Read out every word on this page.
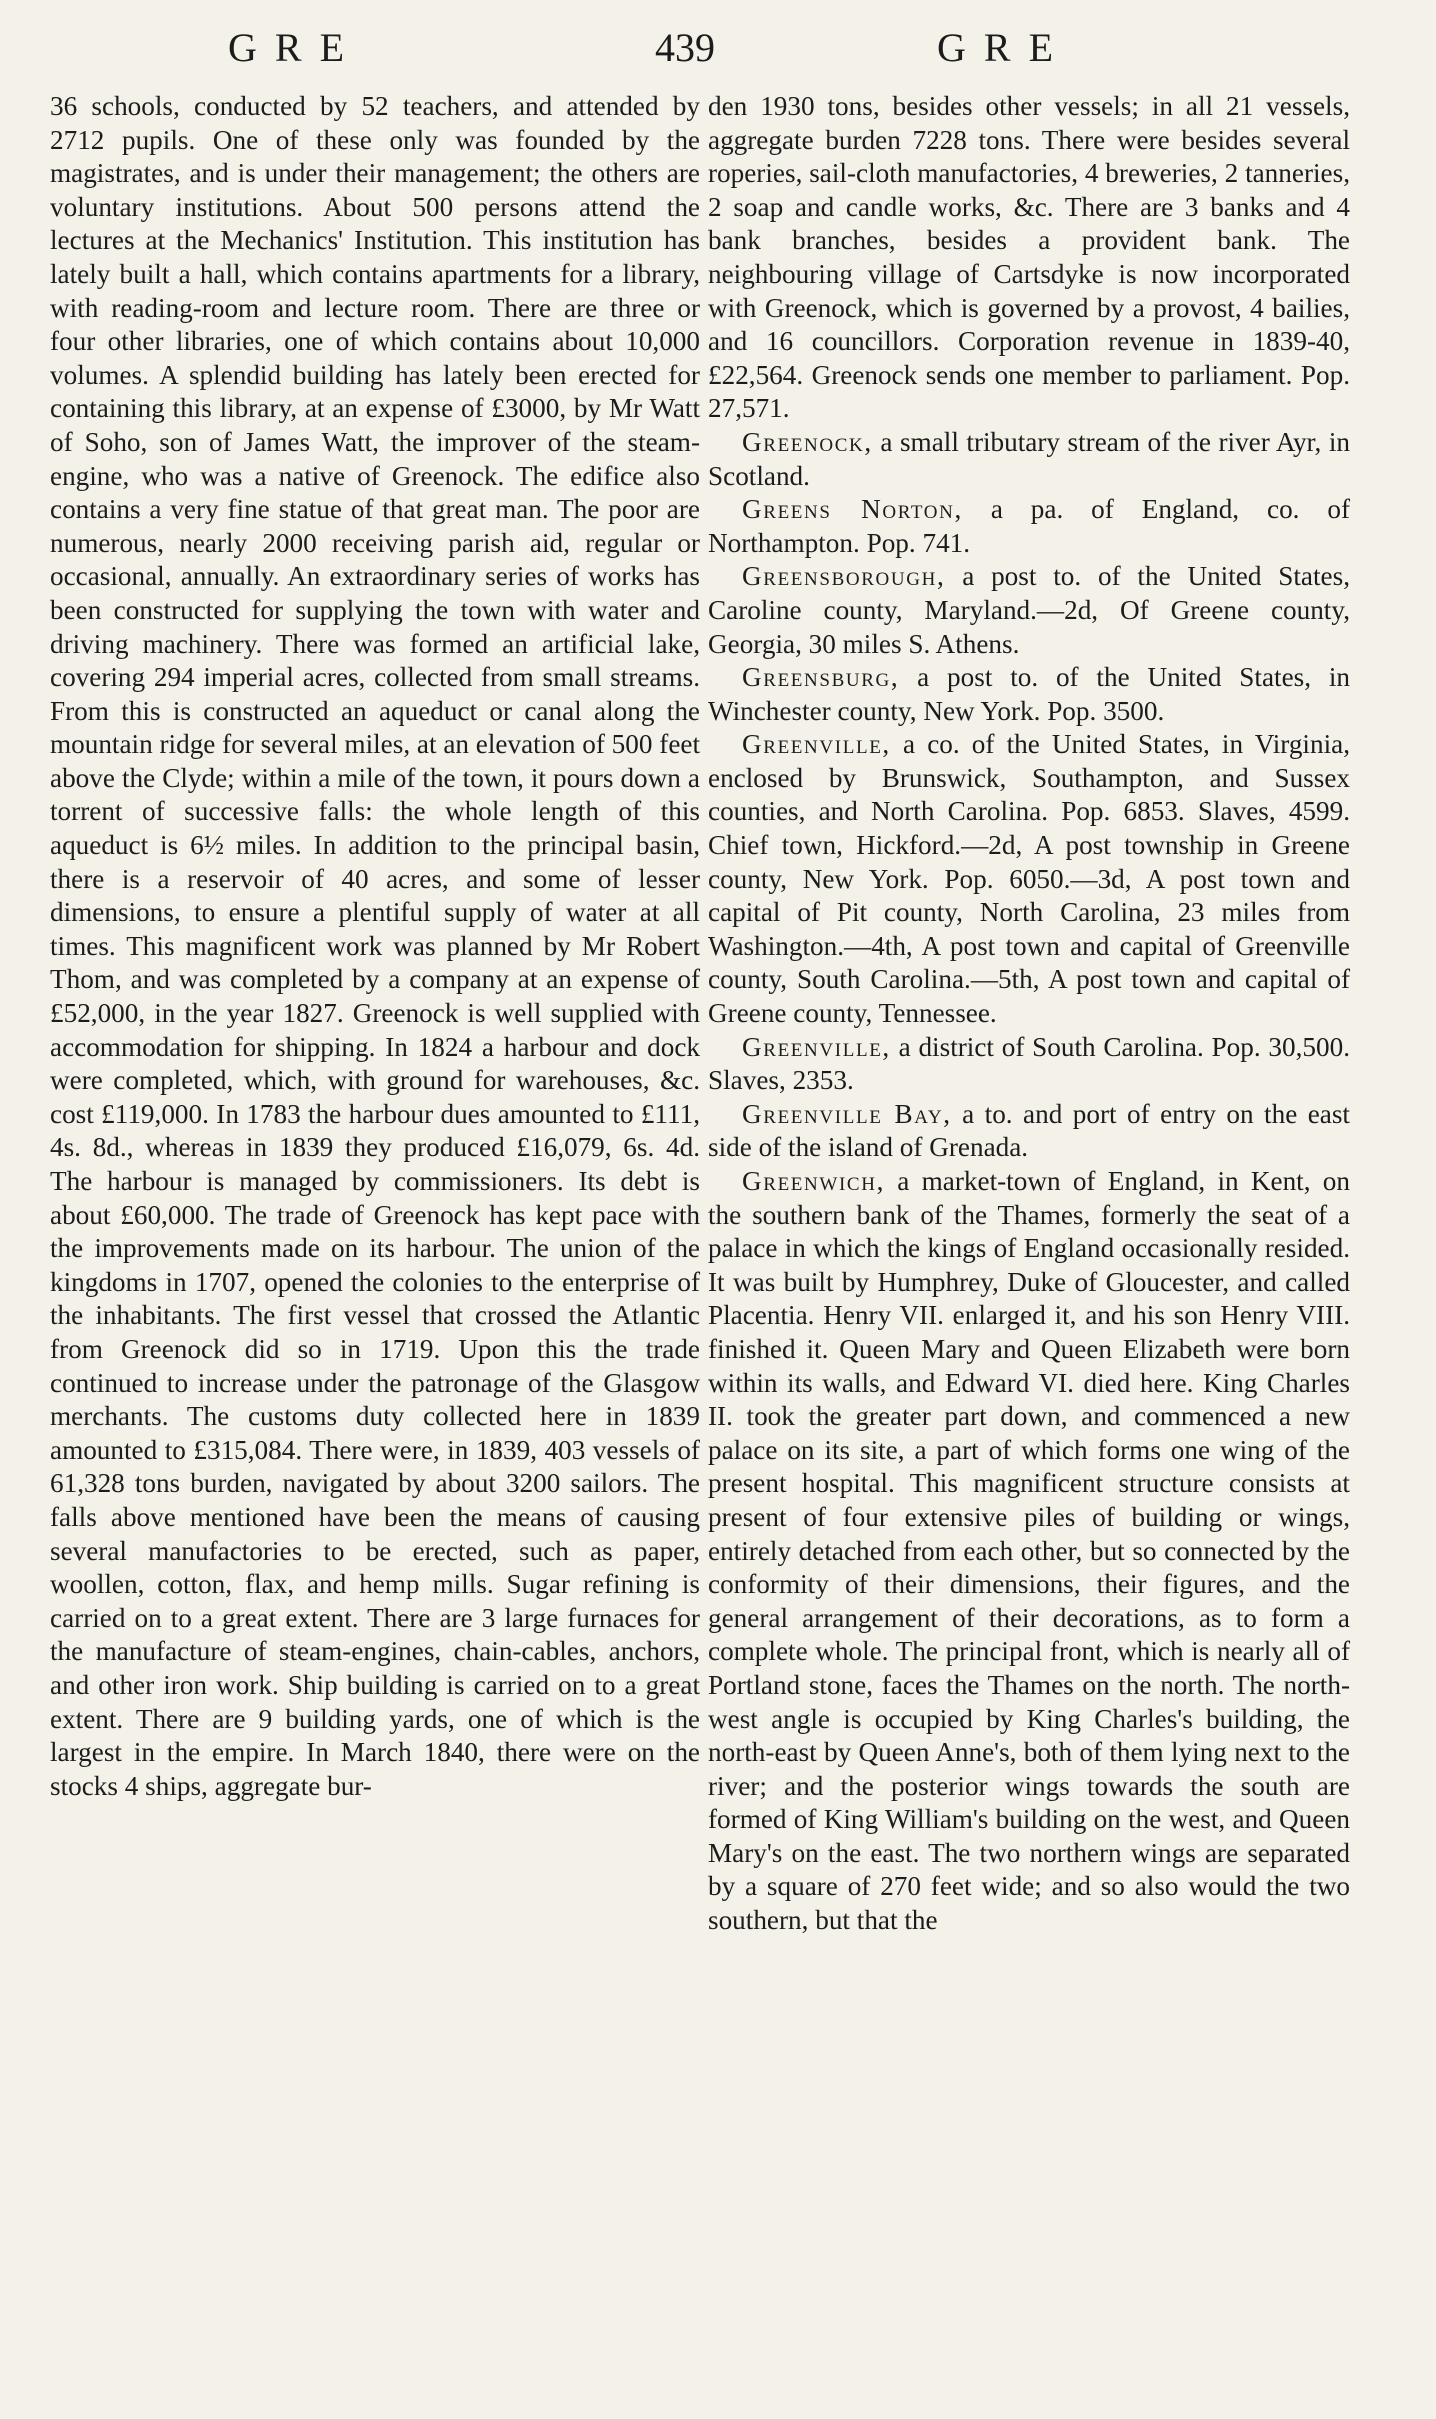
GRE	439	GRE

36 schools, conducted by 52 teachers, and attended by 2712 pupils. One of these only was founded by the magistrates, and is under their management; the others are voluntary institutions. About 500 persons attend the lectures at the Mechanics' Institution. This institution has lately built a hall, which contains apartments for a library, with reading-room and lecture room. There are three or four other libraries, one of which contains about 10,000 volumes. A splendid building has lately been erected for containing this library, at an expense of £3000, by Mr Watt of Soho, son of James Watt, the improver of the steam-engine, who was a native of Greenock. The edifice also contains a very fine statue of that great man. The poor are numerous, nearly 2000 receiving parish aid, regular or occasional, annually. An extraordinary series of works has been constructed for supplying the town with water and driving machinery. There was formed an artificial lake, covering 294 imperial acres, collected from small streams. From this is constructed an aqueduct or canal along the mountain ridge for several miles, at an elevation of 500 feet above the Clyde; within a mile of the town, it pours down a torrent of successive falls: the whole length of this aqueduct is 6½ miles. In addition to the principal basin, there is a reservoir of 40 acres, and some of lesser dimensions, to ensure a plentiful supply of water at all times. This magnificent work was planned by Mr Robert Thom, and was completed by a company at an expense of £52,000, in the year 1827. Greenock is well supplied with accommodation for shipping. In 1824 a harbour and dock were completed, which, with ground for warehouses, &c. cost £119,000. In 1783 the harbour dues amounted to £111, 4s. 8d., whereas in 1839 they produced £16,079, 6s. 4d. The harbour is managed by commissioners. Its debt is about £60,000. The trade of Greenock has kept pace with the improvements made on its harbour. The union of the kingdoms in 1707, opened the colonies to the enterprise of the inhabitants. The first vessel that crossed the Atlantic from Greenock did so in 1719. Upon this the trade continued to increase under the patronage of the Glasgow merchants. The customs duty collected here in 1839 amounted to £315,084. There were, in 1839, 403 vessels of 61,328 tons burden, navigated by about 3200 sailors. The falls above mentioned have been the means of causing several manufactories to be erected, such as paper, woollen, cotton, flax, and hemp mills. Sugar refining is carried on to a great extent. There are 3 large furnaces for the manufacture of steam-engines, chain-cables, anchors, and other iron work. Ship building is carried on to a great extent. There are 9 building yards, one of which is the largest in the empire. In March 1840, there were on the stocks 4 ships, aggregate bur-

den 1930 tons, besides other vessels; in all 21 vessels, aggregate burden 7228 tons. There were besides several roperies, sail-cloth manufactories, 4 breweries, 2 tanneries, 2 soap and candle works, &c. There are 3 banks and 4 bank branches, besides a provident bank. The neighbouring village of Cartsdyke is now incorporated with Greenock, which is governed by a provost, 4 bailies, and 16 councillors. Corporation revenue in 1839-40, £22,564. Greenock sends one member to parliament. Pop. 27,571.

Greenock, a small tributary stream of the river Ayr, in Scotland.

Greens Norton, a pa. of England, co. of Northampton. Pop. 741.

Greensborough, a post to. of the United States, Caroline county, Maryland.—2d, Of Greene county, Georgia, 30 miles S. Athens.

Greensburg, a post to. of the United States, in Winchester county, New York. Pop. 3500.

Greenville, a co. of the United States, in Virginia, enclosed by Brunswick, Southampton, and Sussex counties, and North Carolina. Pop. 6853. Slaves, 4599. Chief town, Hickford.—2d, A post township in Greene county, New York. Pop. 6050.—3d, A post town and capital of Pit county, North Carolina, 23 miles from Washington.—4th, A post town and capital of Greenville county, South Carolina.—5th, A post town and capital of Greene county, Tennessee.

Greenville, a district of South Carolina. Pop. 30,500. Slaves, 2353.

Greenville Bay, a to. and port of entry on the east side of the island of Grenada.

Greenwich, a market-town of England, in Kent, on the southern bank of the Thames, formerly the seat of a palace in which the kings of England occasionally resided. It was built by Humphrey, Duke of Gloucester, and called Placentia. Henry VII. enlarged it, and his son Henry VIII. finished it. Queen Mary and Queen Elizabeth were born within its walls, and Edward VI. died here. King Charles II. took the greater part down, and commenced a new palace on its site, a part of which forms one wing of the present hospital. This magnificent structure consists at present of four extensive piles of building or wings, entirely detached from each other, but so connected by the conformity of their dimensions, their figures, and the general arrangement of their decorations, as to form a complete whole. The principal front, which is nearly all of Portland stone, faces the Thames on the north. The north-west angle is occupied by King Charles's building, the north-east by Queen Anne's, both of them lying next to the river; and the posterior wings towards the south are formed of King William's building on the west, and Queen Mary's on the east. The two northern wings are separated by a square of 270 feet wide; and so also would the two southern, but that the
